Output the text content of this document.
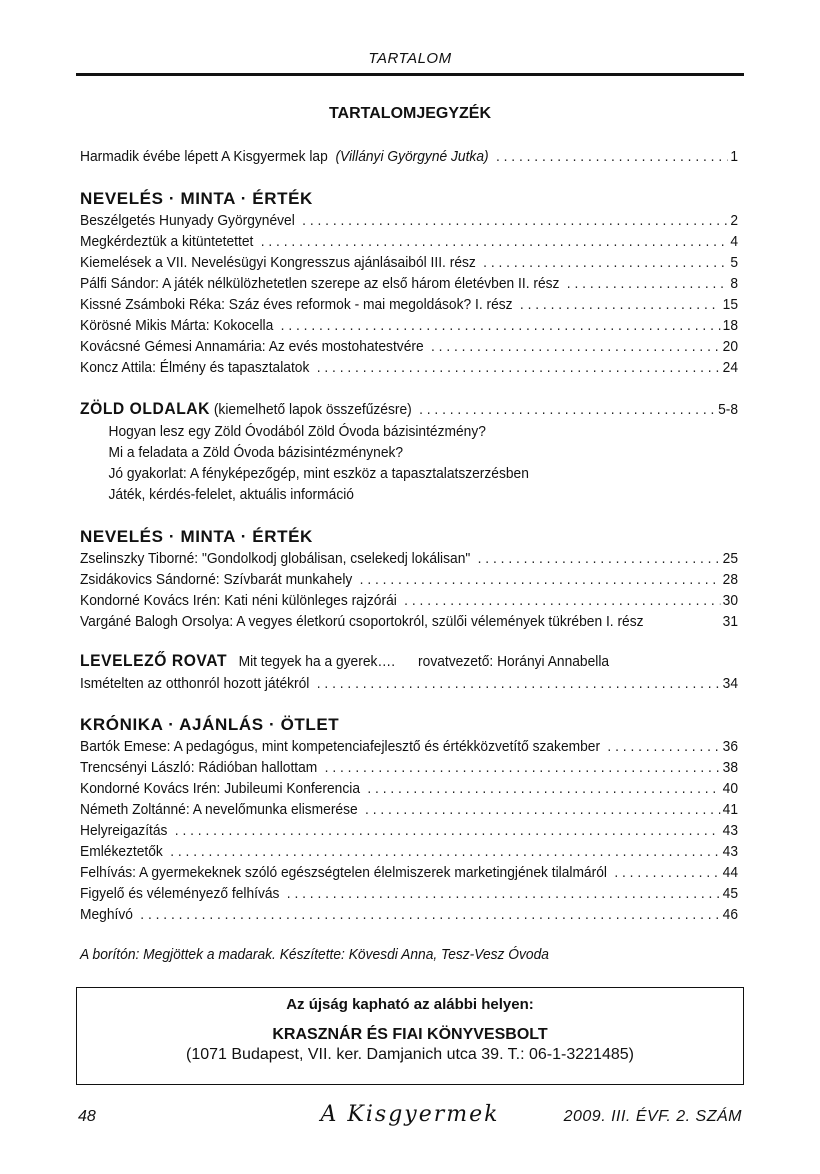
TARTALOM
TARTALOMJEGYZÉK
Harmadik évébe lépett A Kisgyermek lap (Villányi Györgyné Jutka) . . .	1
NEVELÉS · MINTA · ÉRTÉK
Beszélgetés Hunyady Györgynével . . .	2
Megkérdeztük a kitüntetettet . . .	4
Kiemelések a VII. Nevelésügyi Kongresszus ajánlásaiból III. rész . . .	5
Pálfi Sándor: A játék nélkülözhetetlen szerepe az első három életévben II. rész . . .	8
Kissné Zsámboki Réka: Száz éves reformok - mai megoldások? I. rész . . .	15
Körösné Mikis Márta: Kokocella . . .	18
Kovácsné Gémesi Annamária: Az evés mostohatestvére . . .	20
Koncz Attila: Élmény és tapasztalatok . . .	24
ZÖLD OLDALAK (kiemelhető lapok összefűzésre) . . .	5-8
Hogyan lesz egy Zöld Óvodából Zöld Óvoda bázisintézmény?
Mi a feladata a Zöld Óvoda bázisintézménynek?
Jó gyakorlat: A fényképezőgép, mint eszköz a tapasztalatszerzésben
Játék, kérdés-felelet, aktuális információ
NEVELÉS · MINTA · ÉRTÉK
Zselinszky Tiborné: "Gondolkodj globálisan, cselekedj lokálisan" . . .	25
Zsidákovics Sándorné: Szívbarát munkahely . . .	28
Kondorné Kovács Irén: Kati néni különleges rajzórái . . .	30
Vargáné Balogh Orsolya: A vegyes életkorú csoportokról, szülői vélemények tükrében I. rész	31
LEVELEZŐ ROVAT Mit tegyek ha a gyerek…. rovatvezető: Horányi Annabella
Ismételten az otthonról hozott játékról . . .	34
KRÓNIKA · AJÁNLÁS · ÖTLET
Bartók Emese: A pedagógus, mint kompetenciafejlesztő és értékközvetítő szakember . . .	36
Trencsényi László: Rádióban hallottam . . .	38
Kondorné Kovács Irén: Jubileumi Konferencia . . .	40
Németh Zoltánné: A nevelőmunka elismerése . . .	41
Helyreigazítás . . .	43
Emlékeztetők . . .	43
Felhívás: A gyermekeknek szóló egészségtelen élelmiszerek marketingjének tilalmáról . . .	44
Figyelő és véleményező felhívás . . .	45
Meghívó . . .	46
A borítón: Megjöttek a madarak. Készítette: Kövesdi Anna, Tesz-Vesz Óvoda
Az újság kapható az alábbi helyen:
KRASZNÁR ÉS FIAI KÖNYVESBOLT
(1071 Budapest, VII. ker. Damjanich utca 39. T.: 06-1-3221485)
48	A Kisgyermek	2009. III. ÉVF. 2. SZÁM
